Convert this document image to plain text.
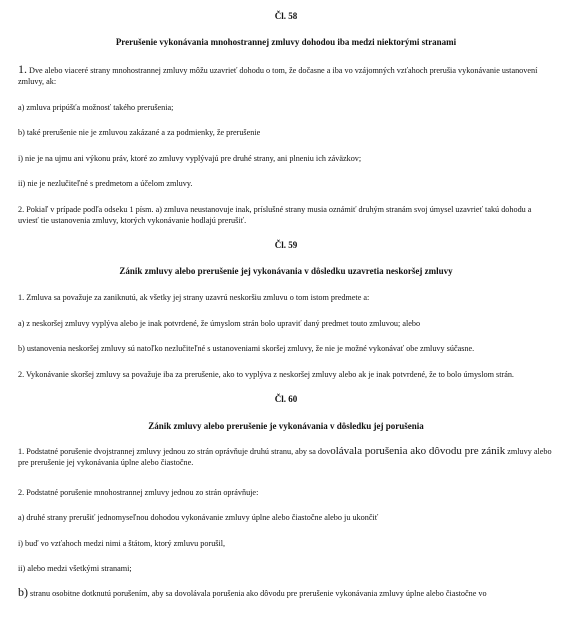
Čl. 58

Prerušenie vykonávania mnohostrannej zmluvy dohodou iba medzi niektorými stranami

1. Dve alebo viaceré strany mnohostrannej zmluvy môžu uzavrieť dohodu o tom, že dočasne a iba vo vzájomných vzťahoch prerušia vykonávanie ustanovení zmluvy, ak:

a) zmluva pripúšťa možnosť takého prerušenia;

b) také prerušenie nie je zmluvou zakázané a za podmienky, že prerušenie

i) nie je na ujmu ani výkonu práv, ktoré zo zmluvy vyplývajú pre druhé strany, ani plneniu ich záväzkov;

ii) nie je nezlučiteľné s predmetom a účelom zmluvy.

2. Pokiaľ v prípade podľa odseku 1 písm. a) zmluva neustanovuje inak, príslušné strany musia oznámiť druhým stranám svoj úmysel uzavrieť takú dohodu a uviesť tie ustanovenia zmluvy, ktorých vykonávanie hodlajú prerušiť.

Čl. 59

Zánik zmluvy alebo prerušenie jej vykonávania v dôsledku uzavretia neskoršej zmluvy

1. Zmluva sa považuje za zaniknutú, ak všetky jej strany uzavrú neskoršiu zmluvu o tom istom predmete a:

a) z neskoršej zmluvy vyplýva alebo je inak potvrdené, že úmyslom strán bolo upraviť daný predmet touto zmluvou; alebo

b) ustanovenia neskoršej zmluvy sú natoľko nezlučiteľné s ustanoveniami skoršej zmluvy, že nie je možné vykonávať obe zmluvy súčasne.

2. Vykonávanie skoršej zmluvy sa považuje iba za prerušenie, ako to vyplýva z neskoršej zmluvy alebo ak je inak potvrdené, že to bolo úmyslom strán.

Čl. 60

Zánik zmluvy alebo prerušenie je vykonávania v dôsledku jej porušenia

1. Podstatné porušenie dvojstrannej zmluvy jednou zo strán oprávňuje druhú stranu, aby sa dovolávala porušenia ako dôvodu pre zánik zmluvy alebo pre prerušenie jej vykonávania úplne alebo čiastočne.

2. Podstatné porušenie mnohostrannej zmluvy jednou zo strán oprávňuje:

a) druhé strany prerušiť jednomyseľnou dohodou vykonávanie zmluvy úplne alebo čiastočne alebo ju ukončiť

i) buď vo vzťahoch medzi nimi a štátom, ktorý zmluvu porušil,

ii) alebo medzi všetkými stranami;

b) stranu osobitne dotknutú porušením, aby sa dovolávala porušenia ako dôvodu pre prerušenie vykonávania zmluvy úplne alebo čiastočne vo
